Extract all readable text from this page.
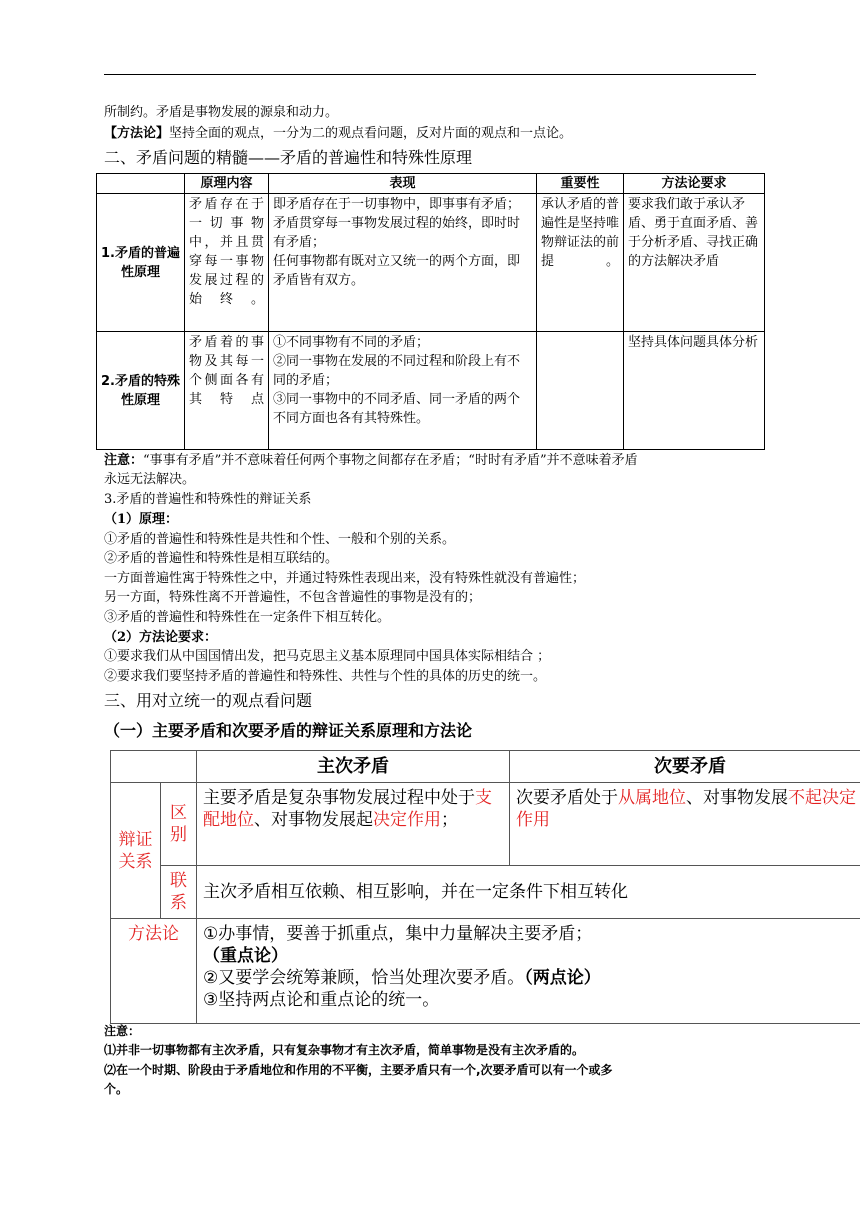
所制约。矛盾是事物发展的源泉和动力。
【方法论】坚持全面的观点，一分为二的观点看问题，反对片面的观点和一点论。
二、矛盾问题的精髓——矛盾的普遍性和特殊性原理
	原理内容	表现	重要性	方法论要求
1.矛盾的普遍性原理	矛盾存在于一切事物中，并且贯穿每一事物发展过程的始终。	即矛盾存在于一切事物中，即事事有矛盾；
矛盾贯穿每一事物发展过程的始终，即时时有矛盾；
任何事物都有既对立又统一的两个方面，即矛盾皆有双方。	承认矛盾的普遍性是坚持唯物辩证法的前提。	要求我们敢于承认矛盾、勇于直面矛盾、善于分析矛盾、寻找正确的方法解决矛盾
2.矛盾的特殊性原理	矛盾着的事物及其每一个侧面各有其特点	①不同事物有不同的矛盾；
②同一事物在发展的不同过程和阶段上有不同的矛盾；
③同一事物中的不同矛盾、同一矛盾的两个不同方面也各有其特殊性。		坚持具体问题具体分析
注意：“事事有矛盾”并不意味着任何两个事物之间都存在矛盾；“时时有矛盾”并不意味着矛盾
永远无法解决。
3.矛盾的普遍性和特殊性的辩证关系
（1）原理：
①矛盾的普遍性和特殊性是共性和个性、一般和个别的关系。
②矛盾的普遍性和特殊性是相互联结的。
一方面普遍性寓于特殊性之中，并通过特殊性表现出来，没有特殊性就没有普遍性；
另一方面，特殊性离不开普遍性，不包含普遍性的事物是没有的；
③矛盾的普遍性和特殊性在一定条件下相互转化。
（2）方法论要求：
①要求我们从中国国情出发，把马克思主义基本原理同中国具体实际相结合 ；
②要求我们要坚持矛盾的普遍性和特殊性、共性与个性的具体的历史的统一。
三、用对立统一的观点看问题
（一）主要矛盾和次要矛盾的辩证关系原理和方法论
		主次矛盾	次要矛盾
辩证关系	区别	主要矛盾是复杂事物发展过程中处于支配地位、对事物发展起决定作用；	次要矛盾处于从属地位、对事物发展不起决定作用
	联系	主次矛盾相互依赖、相互影响，并在一定条件下相互转化	
方法论		①办事情，要善于抓重点，集中力量解决主要矛盾；
（重点论）
②又要学会统筹兼顾，恰当处理次要矛盾。（两点论）
③坚持两点论和重点论的统一。	
注意：
⑴并非一切事物都有主次矛盾，只有复杂事物才有主次矛盾，简单事物是没有主次矛盾的。
⑵在一个时期、阶段由于矛盾地位和作用的不平衡，主要矛盾只有一个,次要矛盾可以有一个或多
个。
